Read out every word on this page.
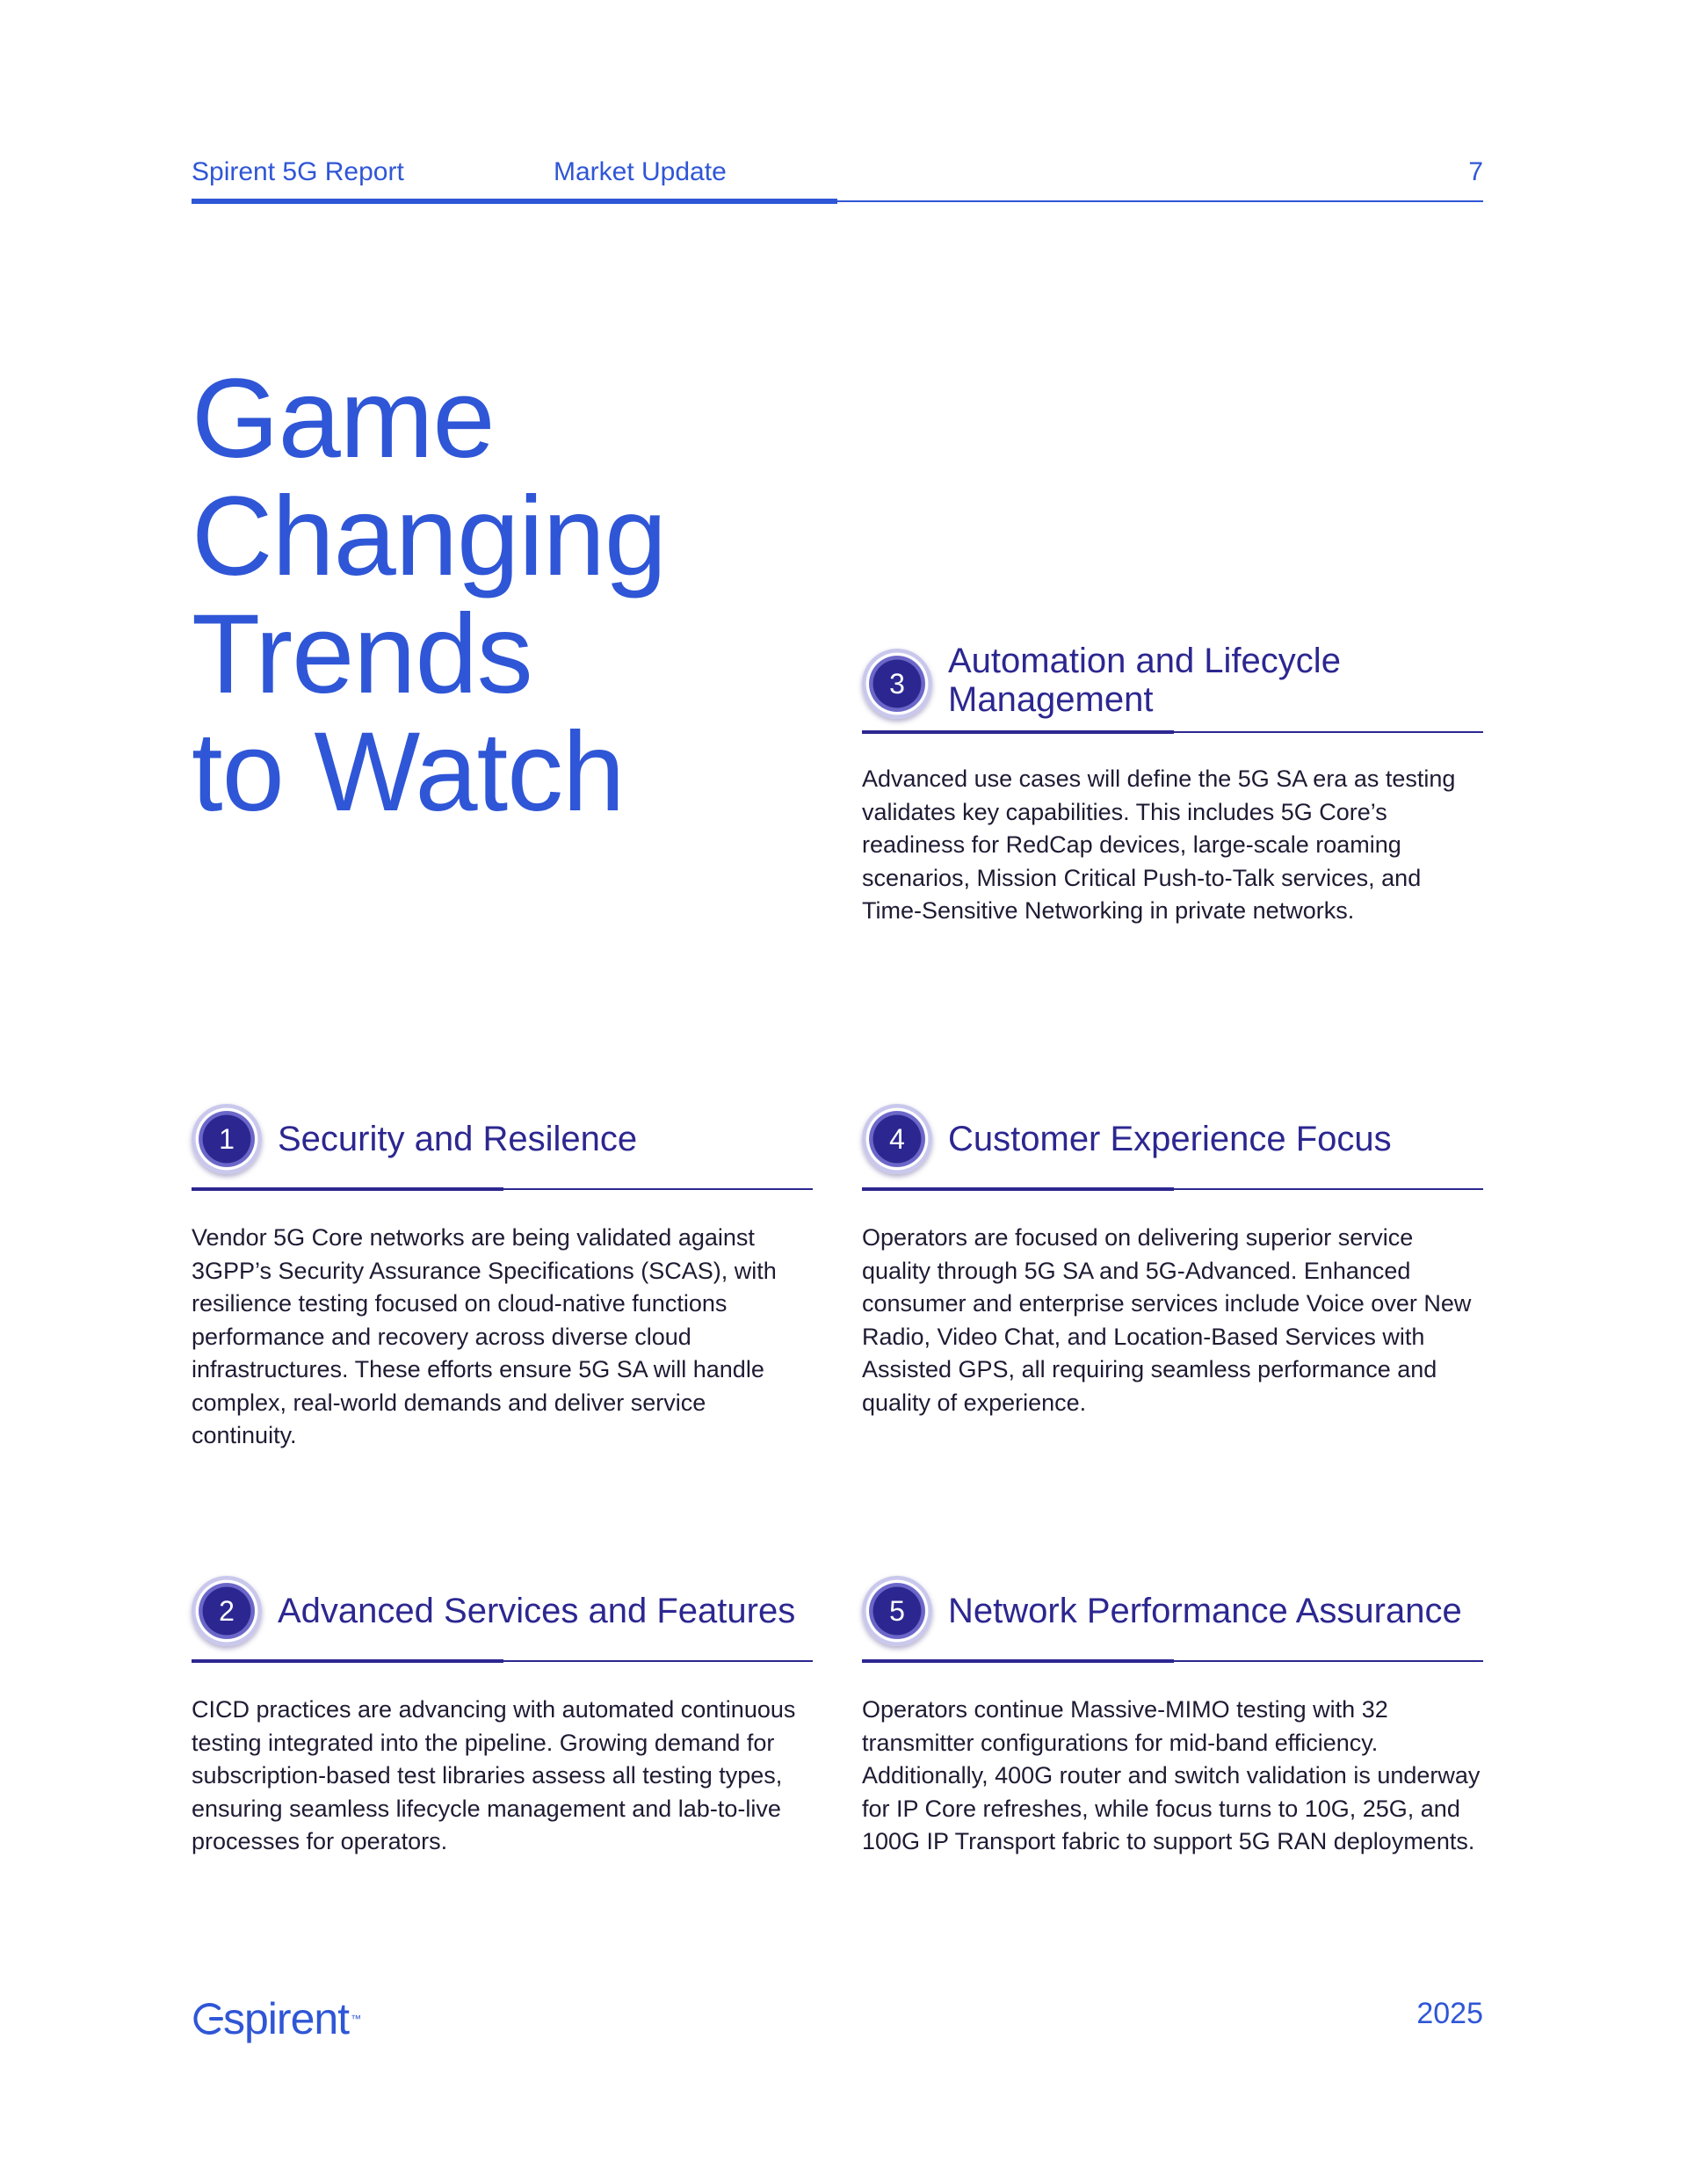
Spirent 5G Report	Market Update	7
Game
Changing
Trends
to Watch
3
Automation and Lifecycle Management

Advanced use cases will define the 5G SA era as testing validates key capabilities. This includes 5G Core’s readiness for RedCap devices, large-scale roaming scenarios, Mission Critical Push-to-Talk services, and Time-Sensitive Networking in private networks.

1	Security and Resilence

Vendor 5G Core networks are being validated against 3GPP’s Security Assurance Specifications (SCAS), with resilience testing focused on cloud-native functions performance and recovery across diverse cloud infrastructures. These efforts ensure 5G SA will handle complex, real-world demands and deliver service continuity.

4	Customer Experience Focus

Operators are focused on delivering superior service quality through 5G SA and 5G-Advanced. Enhanced consumer and enterprise services include Voice over New Radio, Video Chat, and Location-Based Services with Assisted GPS, all requiring seamless performance and quality of experience.

2	Advanced Services and Features

CICD practices are advancing with automated continuous testing integrated into the pipeline. Growing demand for subscription-based test libraries assess all testing types, ensuring seamless lifecycle management and lab-to-live processes for operators.

5	Network Performance Assurance

Operators continue Massive-MIMO testing with 32 transmitter configurations for mid-band efficiency. Additionally, 400G router and switch validation is underway for IP Core refreshes, while focus turns to 10G, 25G, and 100G IP Transport fabric to support 5G RAN deployments.

spirent ™	2025
